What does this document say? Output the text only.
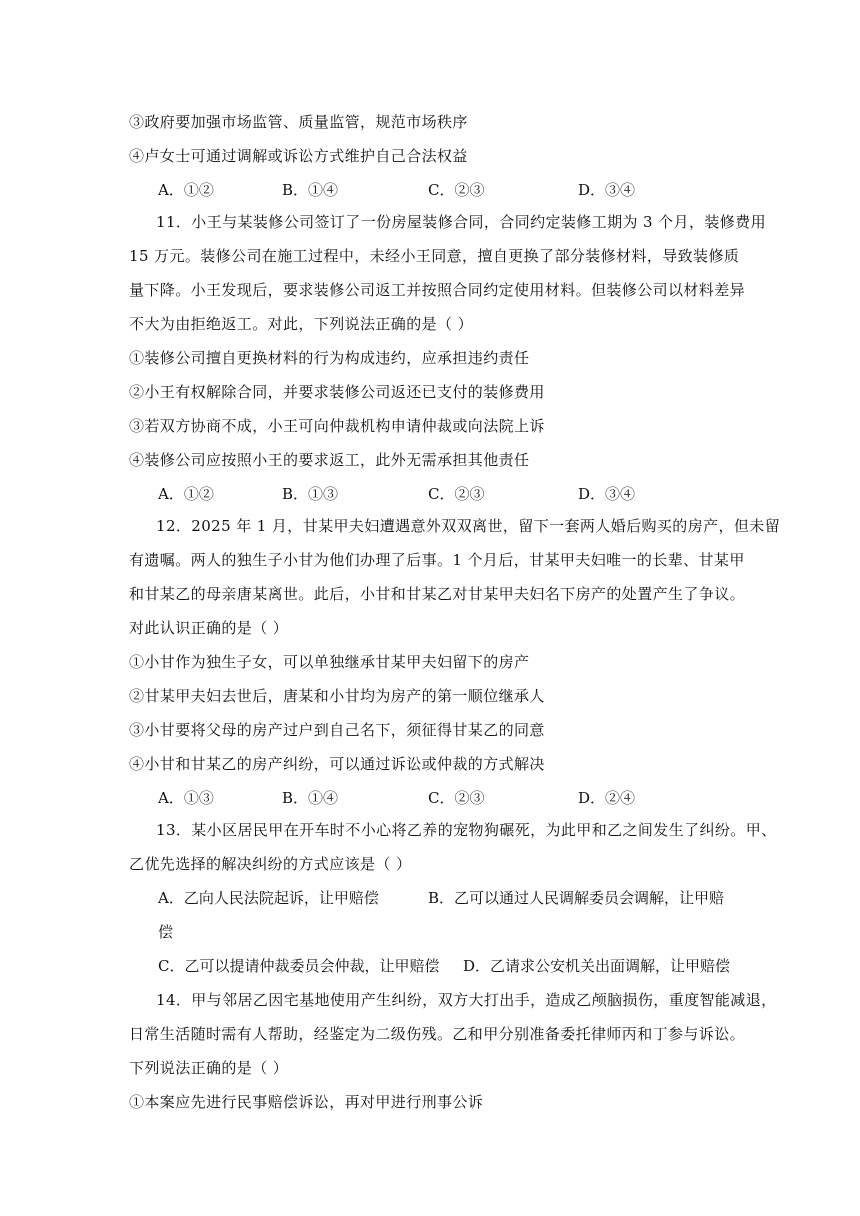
③政府要加强市场监管、质量监管，规范市场秩序
④卢女士可通过调解或诉讼方式维护自己合法权益
A．①②	B．①④	C．②③	D．③④
11．小王与某装修公司签订了一份房屋装修合同，合同约定装修工期为 3 个月，装修费用
15 万元。装修公司在施工过程中，未经小王同意，擅自更换了部分装修材料，导致装修质
量下降。小王发现后，要求装修公司返工并按照合同约定使用材料。但装修公司以材料差异
不大为由拒绝返工。对此，下列说法正确的是（ ）
①装修公司擅自更换材料的行为构成违约，应承担违约责任
②小王有权解除合同，并要求装修公司返还已支付的装修费用
③若双方协商不成，小王可向仲裁机构申请仲裁或向法院上诉
④装修公司应按照小王的要求返工，此外无需承担其他责任
A．①②	B．①③	C．②③	D．③④
12．2025 年 1 月，甘某甲夫妇遭遇意外双双离世，留下一套两人婚后购买的房产，但未留
有遗嘱。两人的独生子小甘为他们办理了后事。1 个月后，甘某甲夫妇唯一的长辈、甘某甲
和甘某乙的母亲唐某离世。此后，小甘和甘某乙对甘某甲夫妇名下房产的处置产生了争议。
对此认识正确的是（ ）
①小甘作为独生子女，可以单独继承甘某甲夫妇留下的房产
②甘某甲夫妇去世后，唐某和小甘均为房产的第一顺位继承人
③小甘要将父母的房产过户到自己名下，须征得甘某乙的同意
④小甘和甘某乙的房产纠纷，可以通过诉讼或仲裁的方式解决
A．①③	B．①④	C．②③	D．②④
13．某小区居民甲在开车时不小心将乙养的宠物狗碾死，为此甲和乙之间发生了纠纷。甲、
乙优先选择的解决纠纷的方式应该是（ ）
A．乙向人民法院起诉，让甲赔偿	B．乙可以通过人民调解委员会调解，让甲赔
偿
C．乙可以提请仲裁委员会仲裁，让甲赔偿 D．乙请求公安机关出面调解，让甲赔偿
14．甲与邻居乙因宅基地使用产生纠纷，双方大打出手，造成乙颅脑损伤，重度智能减退，
日常生活随时需有人帮助，经鉴定为二级伤残。乙和甲分别准备委托律师丙和丁参与诉讼。
下列说法正确的是（ ）
①本案应先进行民事赔偿诉讼，再对甲进行刑事公诉
